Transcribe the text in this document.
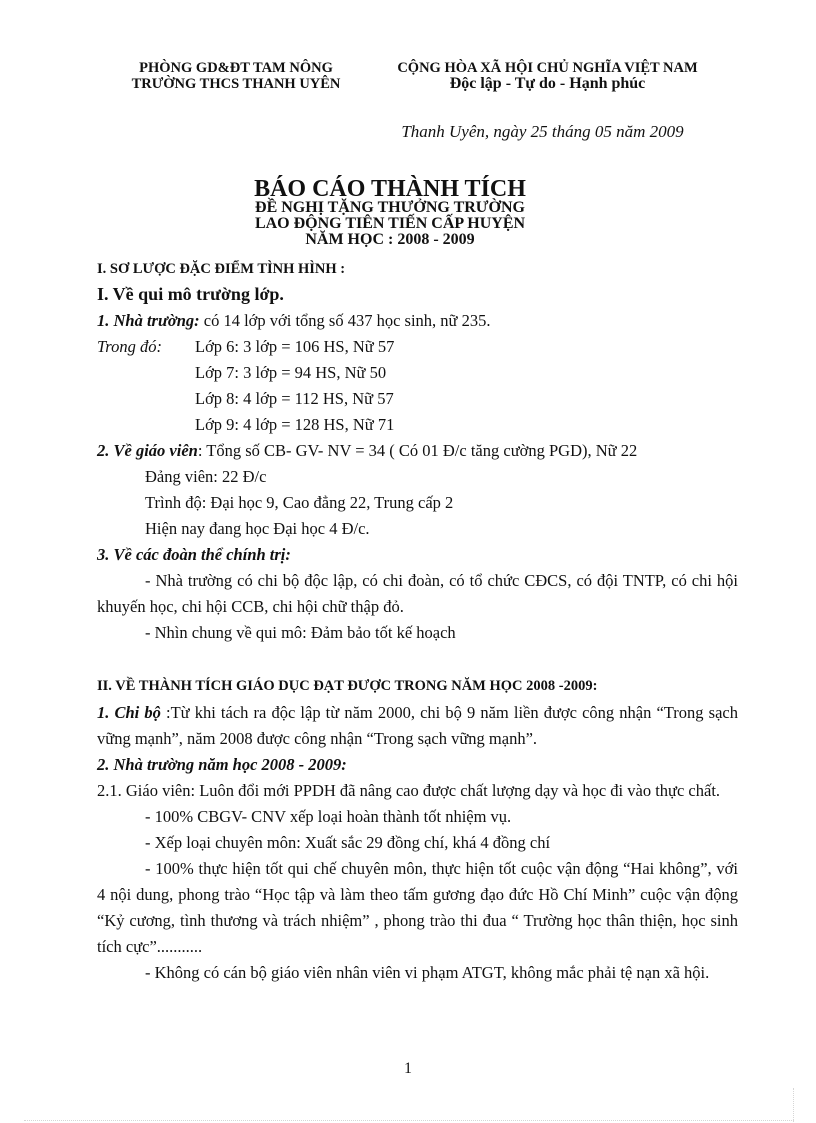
PHÒNG GD&ĐT TAM NÔNG
TRƯỜNG THCS THANH UYÊN
CỘNG HÒA XÃ HỘI CHỦ NGHĨA VIỆT NAM
Độc lập - Tự do - Hạnh phúc
Thanh Uyên, ngày 25 tháng 05 năm 2009
BÁO CÁO THÀNH TÍCH
ĐỀ NGHỊ TẶNG THƯỞNG TRƯỜNG
LAO ĐỘNG TIÊN TIẾN CẤP HUYỆN
NĂM HỌC : 2008 - 2009
I. SƠ LƯỢC ĐẶC ĐIỂM TÌNH HÌNH :
I. Về qui mô trường lớp.
1. Nhà trường: có 14 lớp với tổng số 437 học sinh, nữ 235.
Trong đó:	Lớp 6: 3 lớp = 106 HS, Nữ 57
Lớp 7: 3 lớp = 94 HS, Nữ 50
Lớp 8: 4 lớp = 112 HS, Nữ 57
Lớp 9: 4 lớp = 128 HS, Nữ 71
2. Về giáo viên: Tổng số CB- GV- NV = 34 ( Có 01 Đ/c tăng cường PGD), Nữ 22
Đảng viên: 22 Đ/c
Trình độ: Đại học 9, Cao đẳng 22, Trung cấp 2
Hiện nay đang học Đại học 4 Đ/c.
3. Về các đoàn thể chính trị:
- Nhà trường có chi bộ độc lập, có chi đoàn, có tổ chức CĐCS, có đội TNTP, có chi hội khuyến học, chi hội CCB, chi hội chữ thập đỏ.
- Nhìn chung về qui mô: Đảm bảo tốt kế hoạch
II. VỀ THÀNH TÍCH GIÁO DỤC ĐẠT ĐƯỢC TRONG NĂM HỌC 2008 -2009:
1. Chi bộ :Từ khi tách ra độc lập từ năm 2000, chi bộ 9 năm liền được công nhận “Trong sạch vững mạnh”, năm 2008 được công nhận “Trong sạch vững mạnh”.
2. Nhà trường năm học 2008 - 2009:
2.1. Giáo viên: Luôn đổi mới PPDH đã nâng cao được chất lượng dạy và học đi vào thực chất.
- 100% CBGV- CNV xếp loại hoàn thành tốt nhiệm vụ.
- Xếp loại chuyên môn: Xuất sắc 29 đồng chí, khá 4 đồng chí
- 100% thực hiện tốt qui chế chuyên môn, thực hiện tốt cuộc vận động “Hai không”, với 4 nội dung, phong trào “Học tập và làm theo tấm gương đạo đức Hồ Chí Minh” cuộc vận động “Kỷ cương, tình thương và trách nhiệm” , phong trào thi đua “ Trường học thân thiện, học sinh tích cực”...........
- Không có cán bộ giáo viên nhân viên vi phạm ATGT, không mắc phải tệ nạn xã hội.
1
